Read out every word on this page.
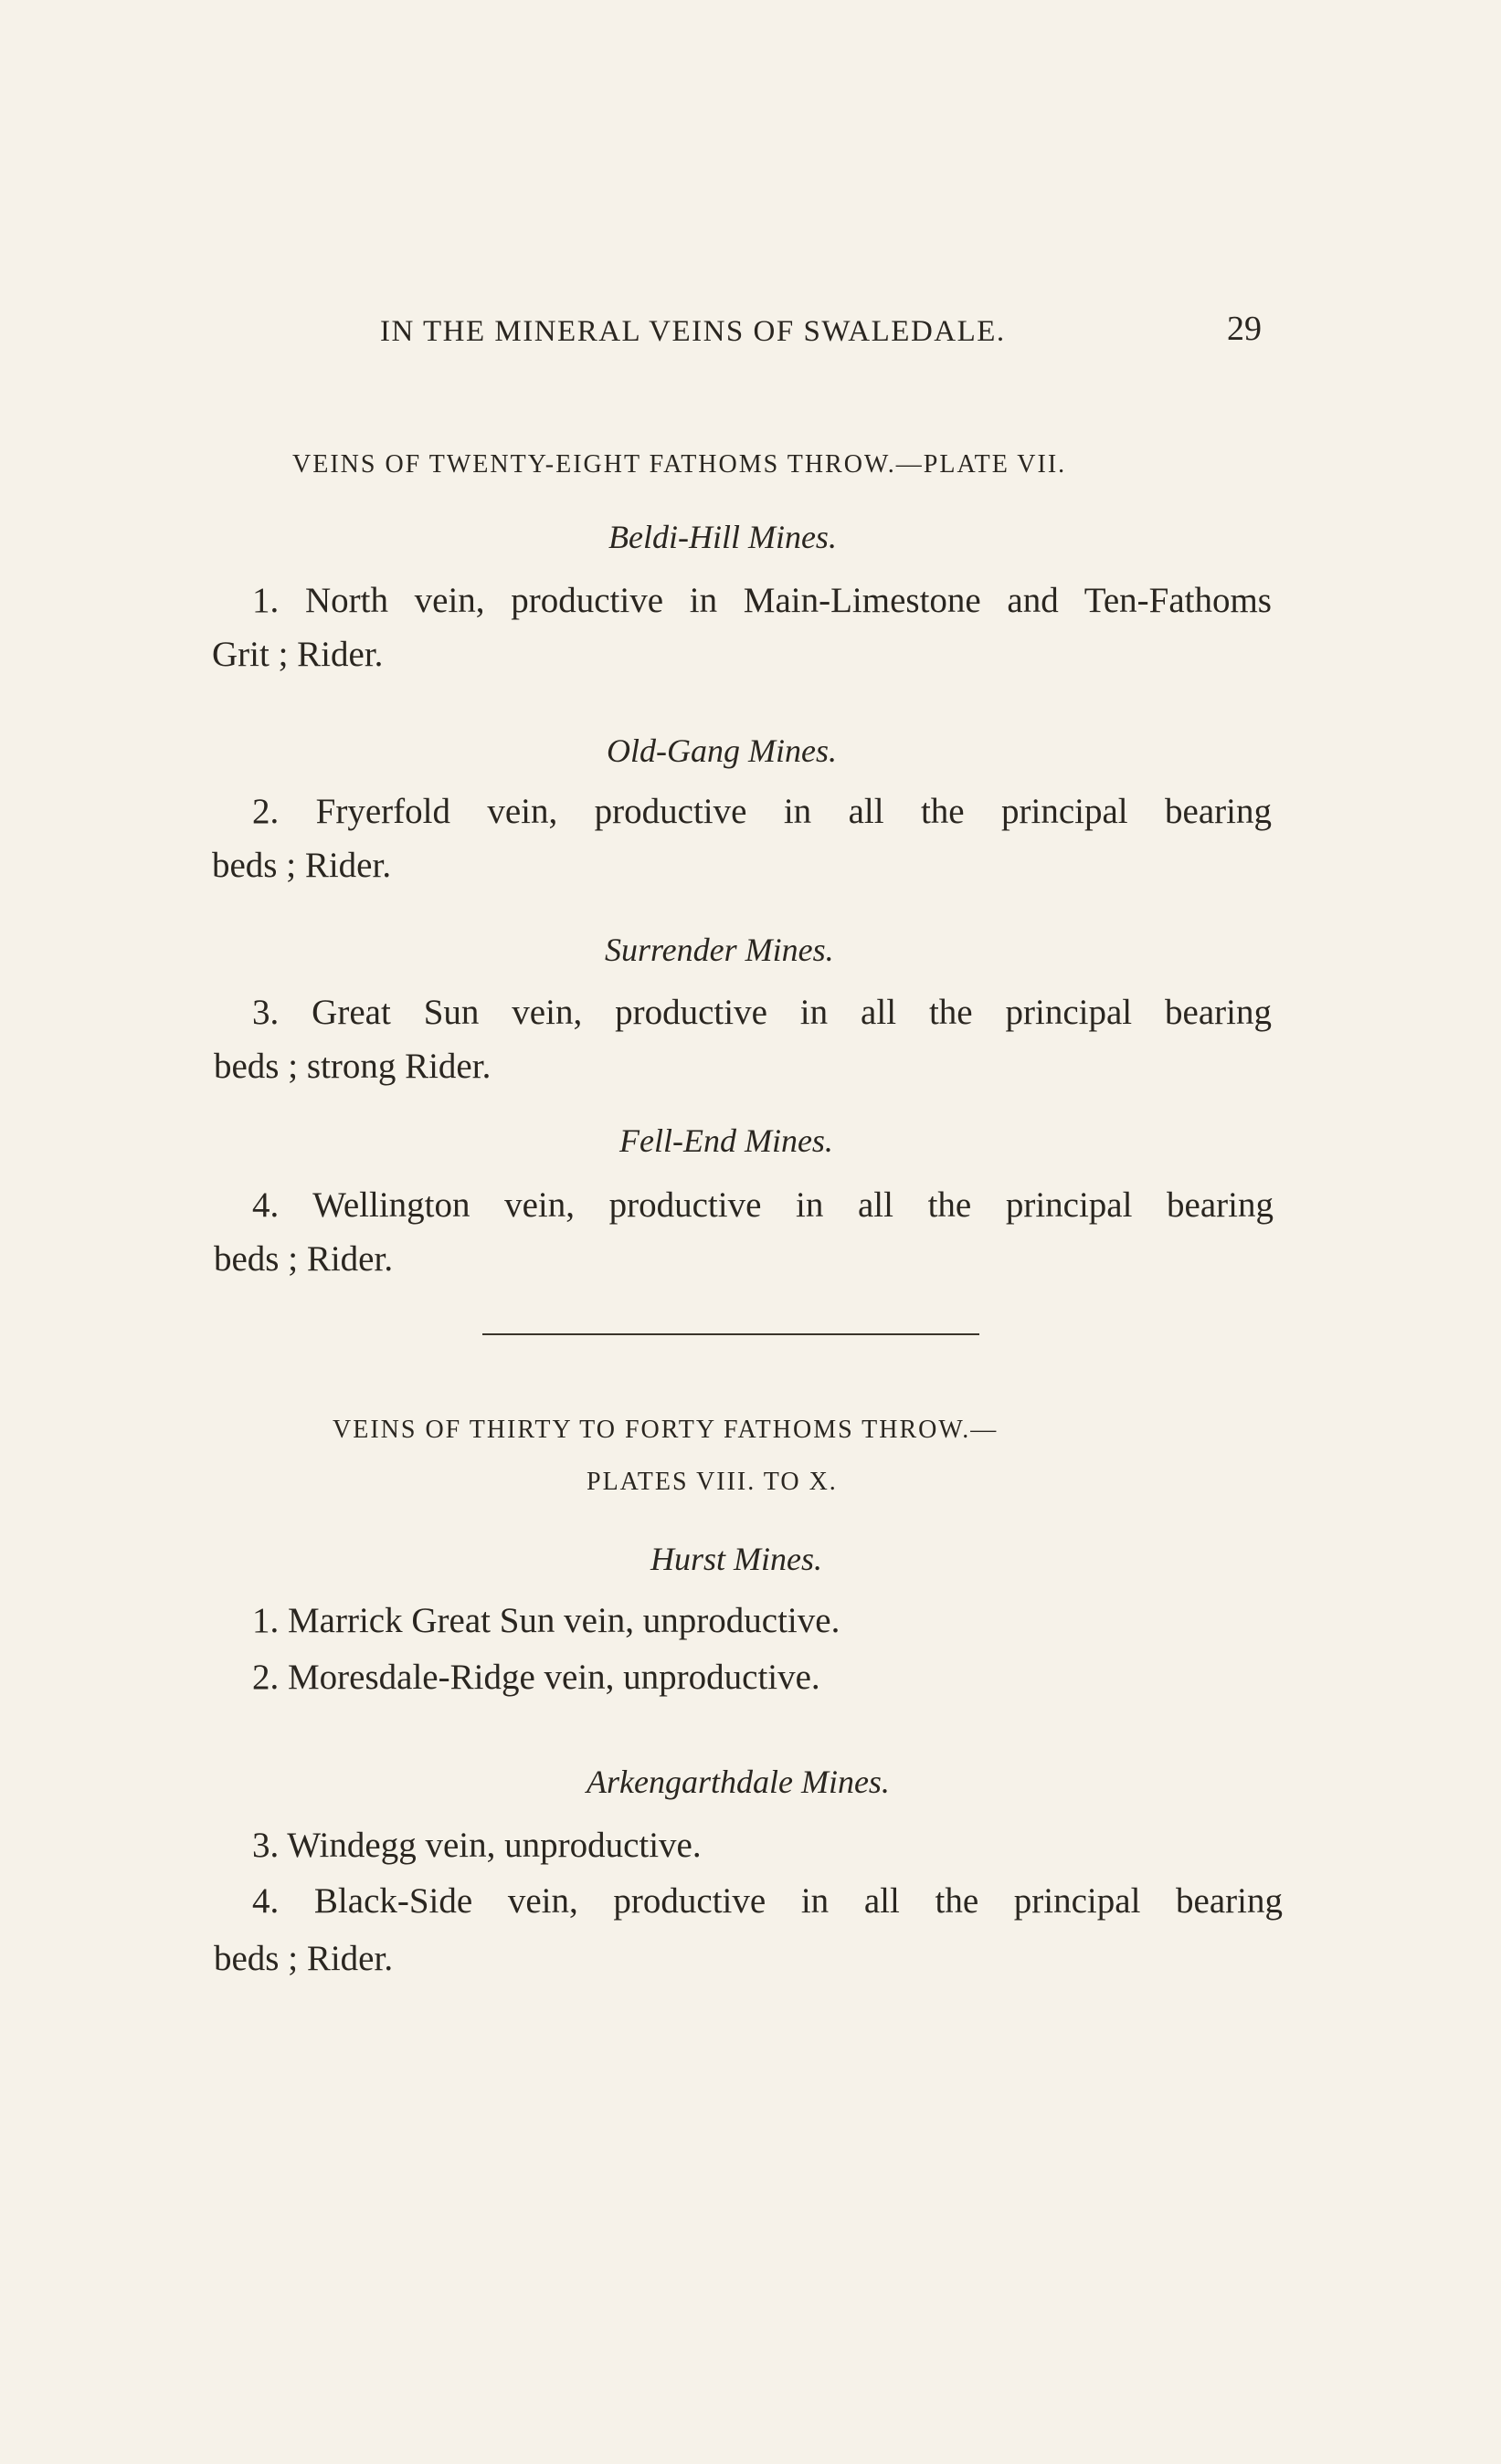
IN THE MINERAL VEINS OF SWALEDALE.	29
VEINS OF TWENTY-EIGHT FATHOMS THROW.—PLATE VII.
Beldi-Hill Mines.
1. North vein, productive in Main-Limestone and Ten-Fathoms
Grit ; Rider.
Old-Gang Mines.
2. Fryerfold vein, productive in all the principal bearing
beds ; Rider.
Surrender Mines.
3. Great Sun vein, productive in all the principal bearing
beds ; strong Rider.
Fell-End Mines.
4. Wellington vein, productive in all the principal bearing
beds ; Rider.
VEINS OF THIRTY TO FORTY FATHOMS THROW.—
PLATES VIII. TO X.
Hurst Mines.
1. Marrick Great Sun vein, unproductive.
2. Moresdale-Ridge vein, unproductive.
Arkengarthdale Mines.
3. Windegg vein, unproductive.
4. Black-Side vein, productive in all the principal bearing
beds ; Rider.
